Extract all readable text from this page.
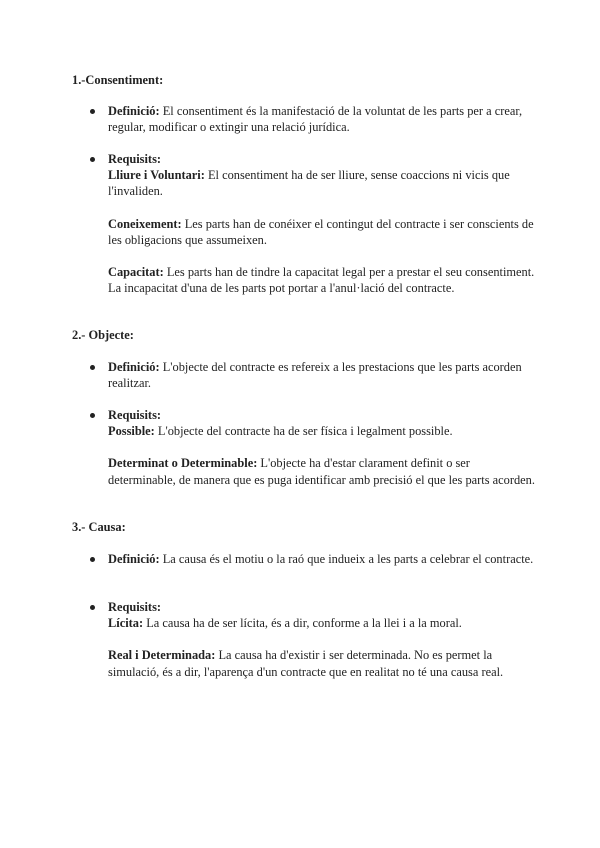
1.-Consentiment:

Definició: El consentiment és la manifestació de la voluntat de les parts per a crear, regular, modificar o extingir una relació jurídica.

Requisits:

Lliure i Voluntari: El consentiment ha de ser lliure, sense coaccions ni vicis que l'invaliden.

Coneixement: Les parts han de conéixer el contingut del contracte i ser conscients de les obligacions que assumeixen.

Capacitat: Les parts han de tindre la capacitat legal per a prestar el seu consentiment. La incapacitat d'una de les parts pot portar a l'anul·lació del contracte.

2.- Objecte:

Definició: L'objecte del contracte es refereix a les prestacions que les parts acorden realitzar.

Requisits:

Possible: L'objecte del contracte ha de ser física i legalment possible.

Determinat o Determinable: L'objecte ha d'estar clarament definit o ser determinable, de manera que es puga identificar amb precisió el que les parts acorden.

3.- Causa:

Definició: La causa és el motiu o la raó que indueix a les parts a celebrar el contracte.

Requisits:

Lícita: La causa ha de ser lícita, és a dir, conforme a la llei i a la moral.

Real i Determinada: La causa ha d'existir i ser determinada. No es permet la simulació, és a dir, l'aparença d'un contracte que en realitat no té una causa real.
